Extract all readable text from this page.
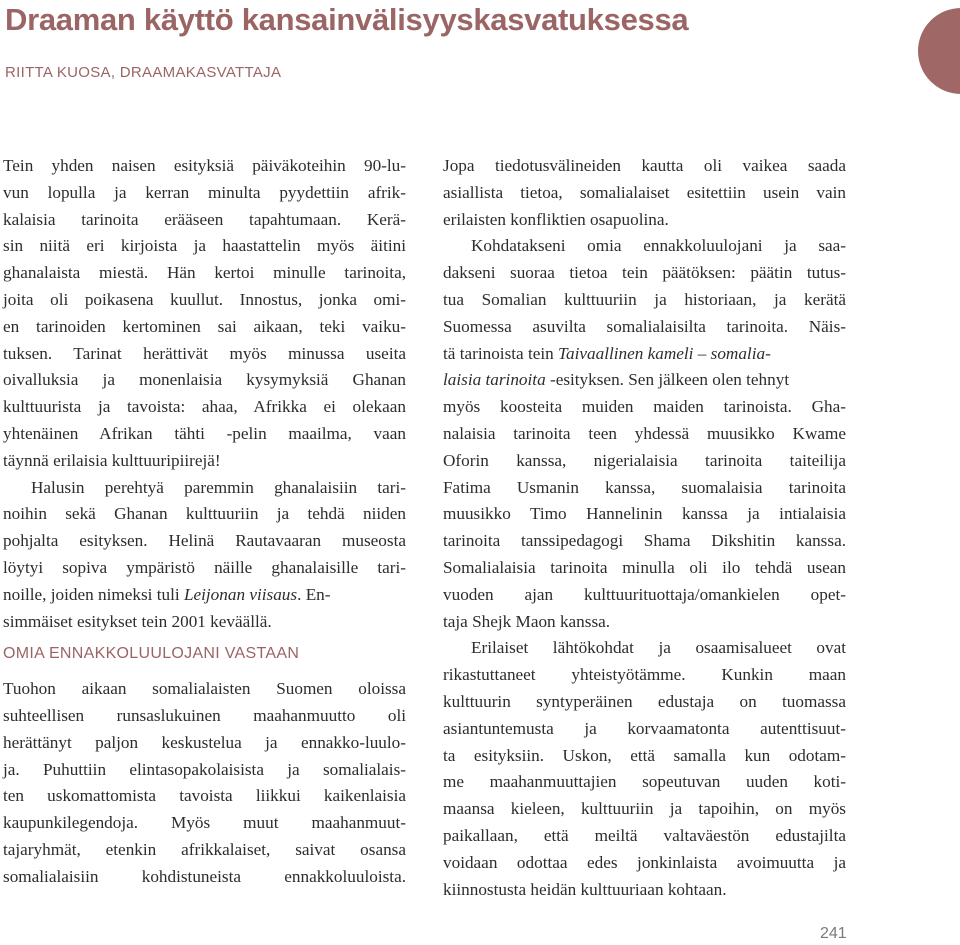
Draaman käyttö kansainvälisyyskasvatuksessa
RIITTA KUOSA, DRAAMAKASVATTAJA
Tein yhden naisen esityksiä päiväkoteihin 90-lu-
vun lopulla ja kerran minulta pyydettiin afrik-
kalaisia tarinoita erääseen tapahtumaan. Kerä-
sin niitä eri kirjoista ja haastattelin myös äitini
ghanalaista miestä. Hän kertoi minulle tarinoita,
joita oli poikasena kuullut. Innostus, jonka omi-
en tarinoiden kertominen sai aikaan, teki vaiku-
tuksen. Tarinat herättivät myös minussa useita
oivalluksia ja monenlaisia kysymyksiä Ghanan
kulttuurista ja tavoista: ahaa, Afrikka ei olekaan
yhtenäinen Afrikan tähti -pelin maailma, vaan
täynnä erilaisia kulttuuripiirejä!
Halusin perehtyä paremmin ghanalaisiin tari-
noihin sekä Ghanan kulttuuriin ja tehdä niiden
pohjalta esityksen. Helinä Rautavaaran museosta
löytyi sopiva ympäristö näille ghanalaisille tari-
noille, joiden nimeksi tuli Leijonan viisaus. En-
simmäiset esitykset tein 2001 keväällä.
OMIA ENNAKKOLUULOJANI VASTAAN
Tuohon aikaan somalialaisten Suomen oloissa
suhteellisen runsaslukuinen maahanmuutto oli
herättänyt paljon keskustelua ja ennakko-luulo-
ja. Puhuttiin elintasopakolaisista ja somalialais-
ten uskomattomista tavoista liikkui kaikenlaisia
kaupunkilegendoja. Myös muut maahanmuut-
tajaryhmät, etenkin afrikkalaiset, saivat osansa
somalialaisiin kohdistuneista ennakkoluuloista.
Jopa tiedotusvälineiden kautta oli vaikea saada
asiallista tietoa, somalialaiset esitettiin usein vain
erilaisten konfliktien osapuolina.
Kohdatakseni omia ennakkoluulojani ja saa-
dakseni suoraa tietoa tein päätöksen: päätin tutus-
tua Somalian kulttuuriin ja historiaan, ja kerätä
Suomessa asuvilta somalialaisilta tarinoita. Näis-
tä tarinoista tein Taivaallinen kameli – somalia-
laisia tarinoita -esityksen. Sen jälkeen olen tehnyt
myös koosteita muiden maiden tarinoista. Gha-
nalaisia tarinoita teen yhdessä muusikko Kwame
Oforin kanssa, nigerialaisia tarinoita taiteilija
Fatima Usmanin kanssa, suomalaisia tarinoita
muusikko Timo Hannelinin kanssa ja intialaisia
tarinoita tanssipedagogi Shama Dikshitin kanssa.
Somalialaisia tarinoita minulla oli ilo tehdä usean
vuoden ajan kulttuurituottaja/omankielen opet-
taja Shejk Maon kanssa.
Erilaiset lähtökohdat ja osaamisalueet ovat
rikastuttaneet yhteistyötämme. Kunkin maan
kulttuurin syntyperäinen edustaja on tuomassa
asiantuntemusta ja korvaamatonta autenttisuut-
ta esityksiin. Uskon, että samalla kun odotam-
me maahanmuuttajien sopeutuvan uuden koti-
maansa kieleen, kulttuuriin ja tapoihin, on myös
paikallaan, että meiltä valtaväestön edustajilta
voidaan odottaa edes jonkinlaista avoimuutta ja
kiinnostusta heidän kulttuuriaan kohtaan.
241
